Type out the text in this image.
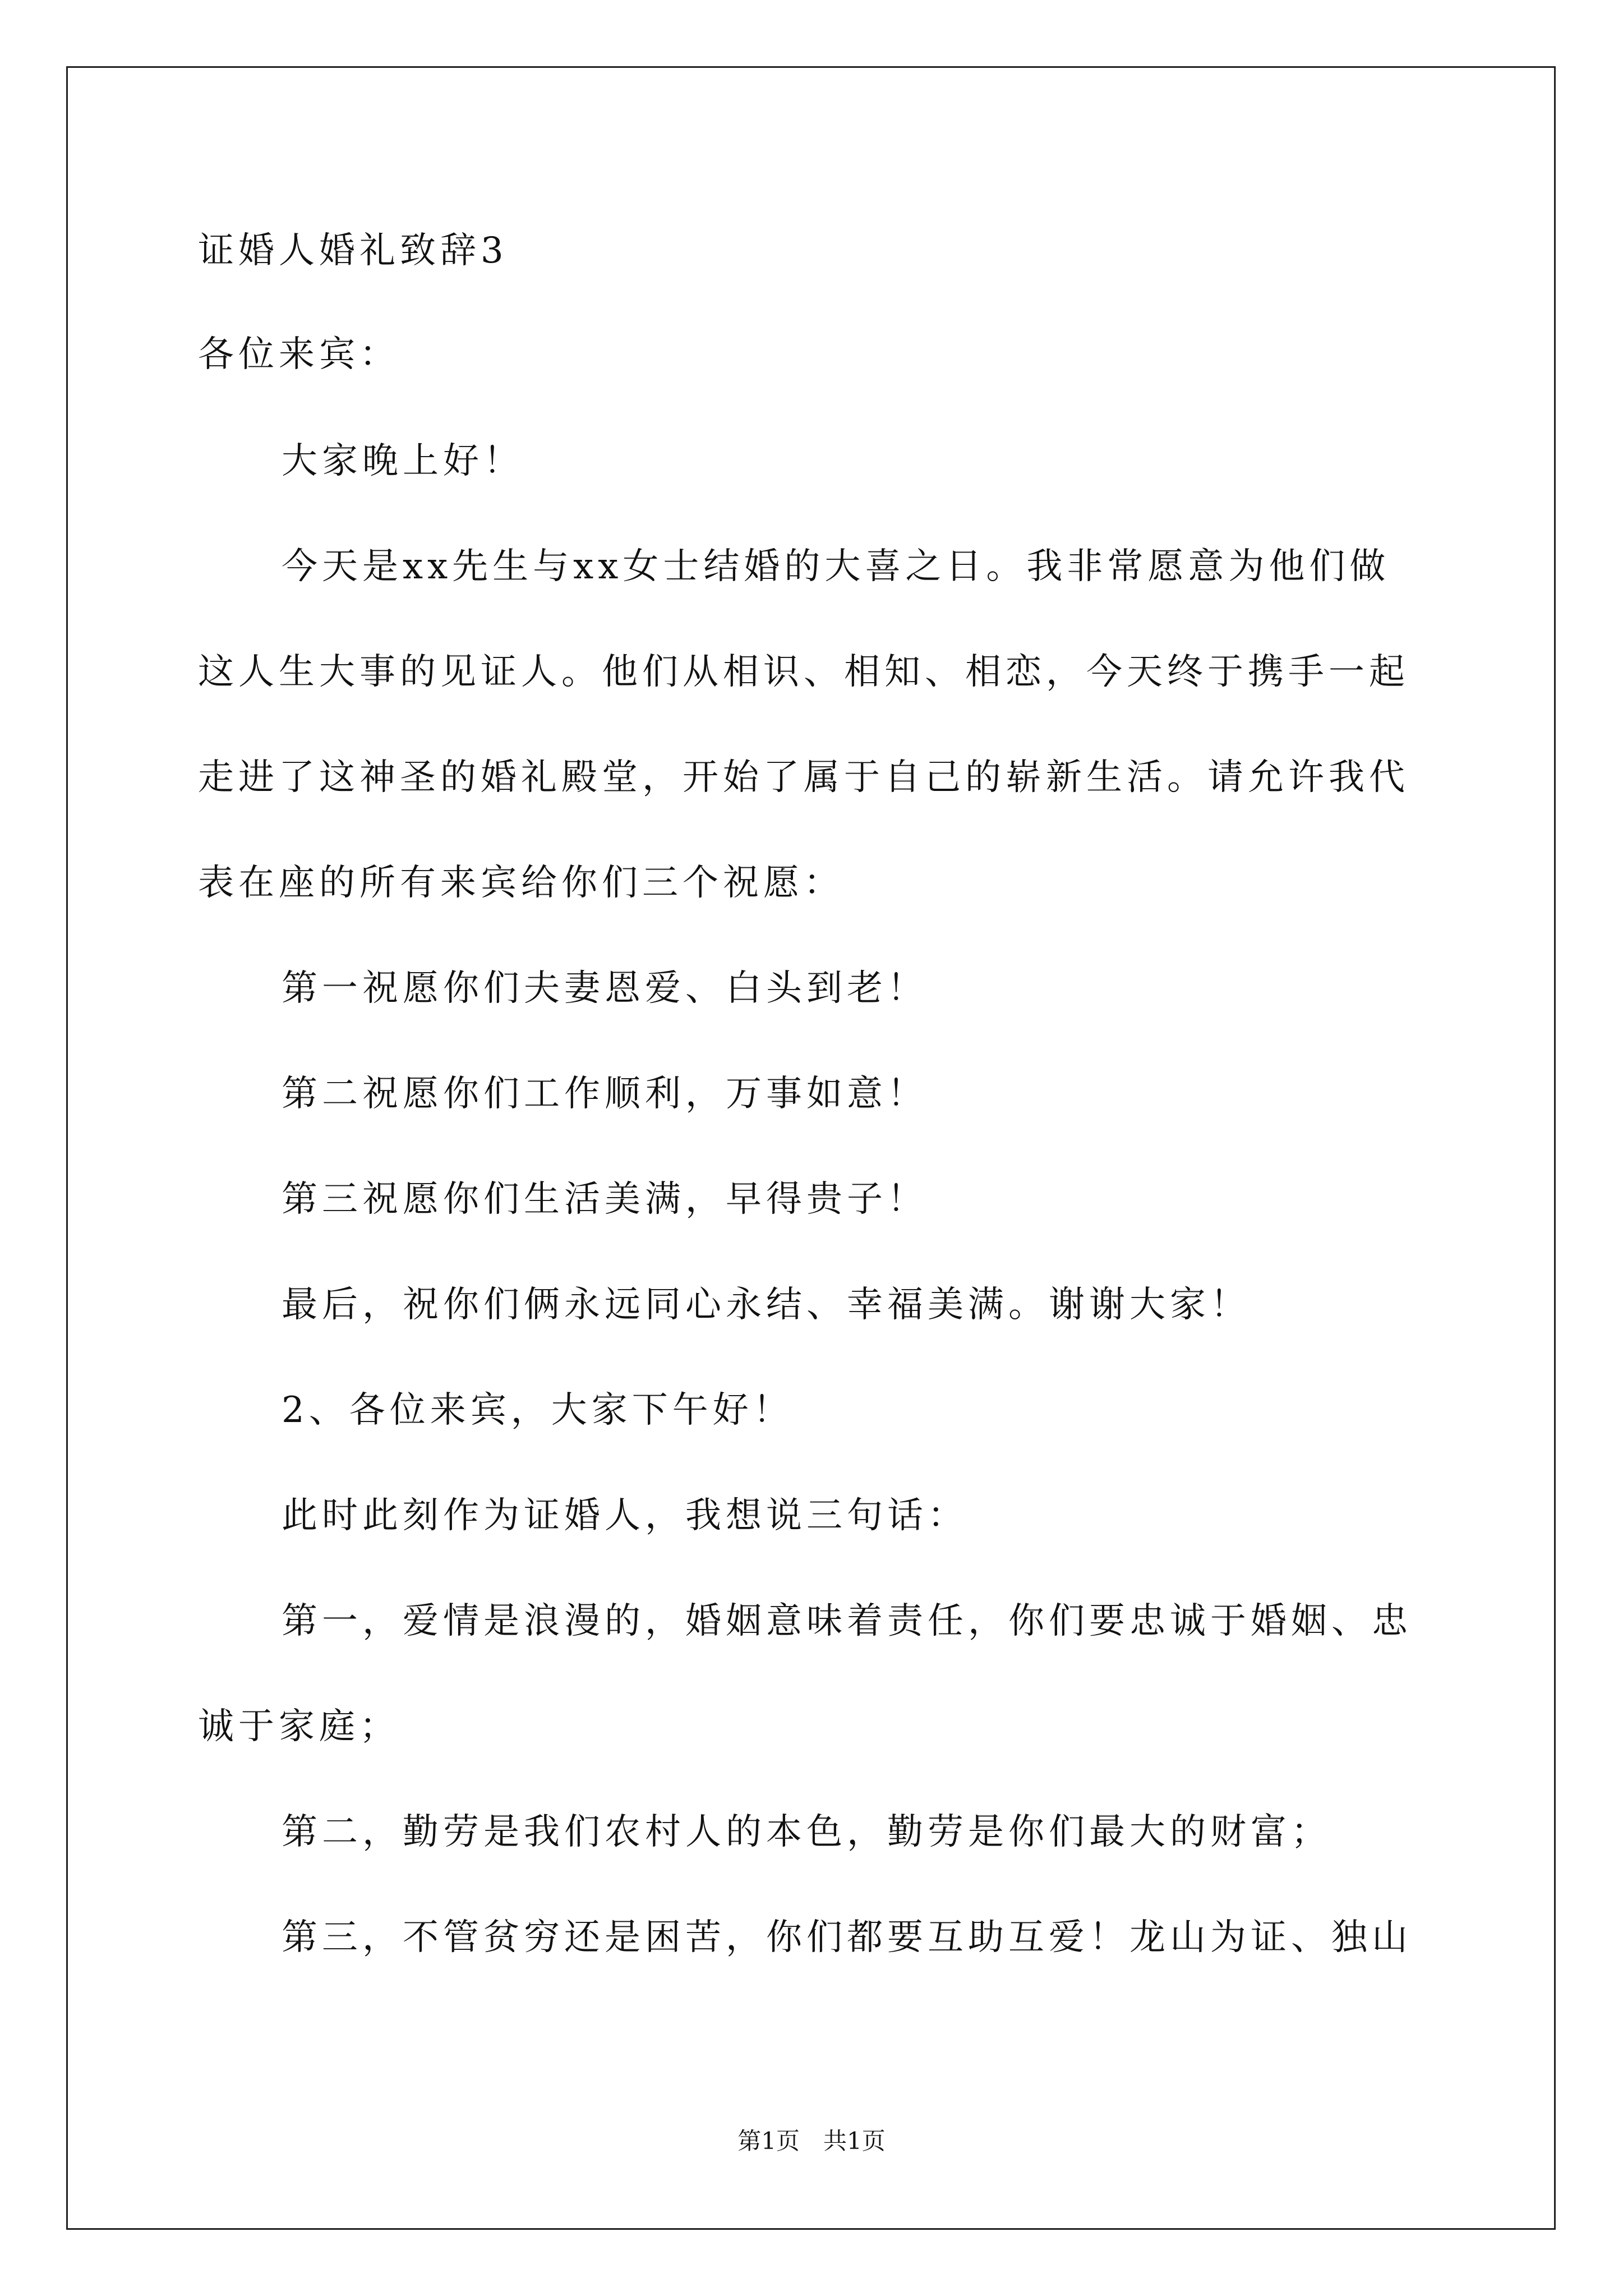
证婚人婚礼致辞3
各位来宾：
大家晚上好！
今天是xx先生与xx女士结婚的大喜之日。我非常愿意为他们做
这人生大事的见证人。他们从相识、相知、相恋，今天终于携手一起
走进了这神圣的婚礼殿堂，开始了属于自己的崭新生活。请允许我代
表在座的所有来宾给你们三个祝愿：
第一祝愿你们夫妻恩爱、白头到老！
第二祝愿你们工作顺利，万事如意！
第三祝愿你们生活美满，早得贵子！
最后，祝你们俩永远同心永结、幸福美满。谢谢大家！
2、各位来宾，大家下午好！
此时此刻作为证婚人，我想说三句话：
第一，爱情是浪漫的，婚姻意味着责任，你们要忠诚于婚姻、忠
诚于家庭；
第二，勤劳是我们农村人的本色，勤劳是你们最大的财富；
第三，不管贫穷还是困苦，你们都要互助互爱！龙山为证、独山
第1页　共1页
